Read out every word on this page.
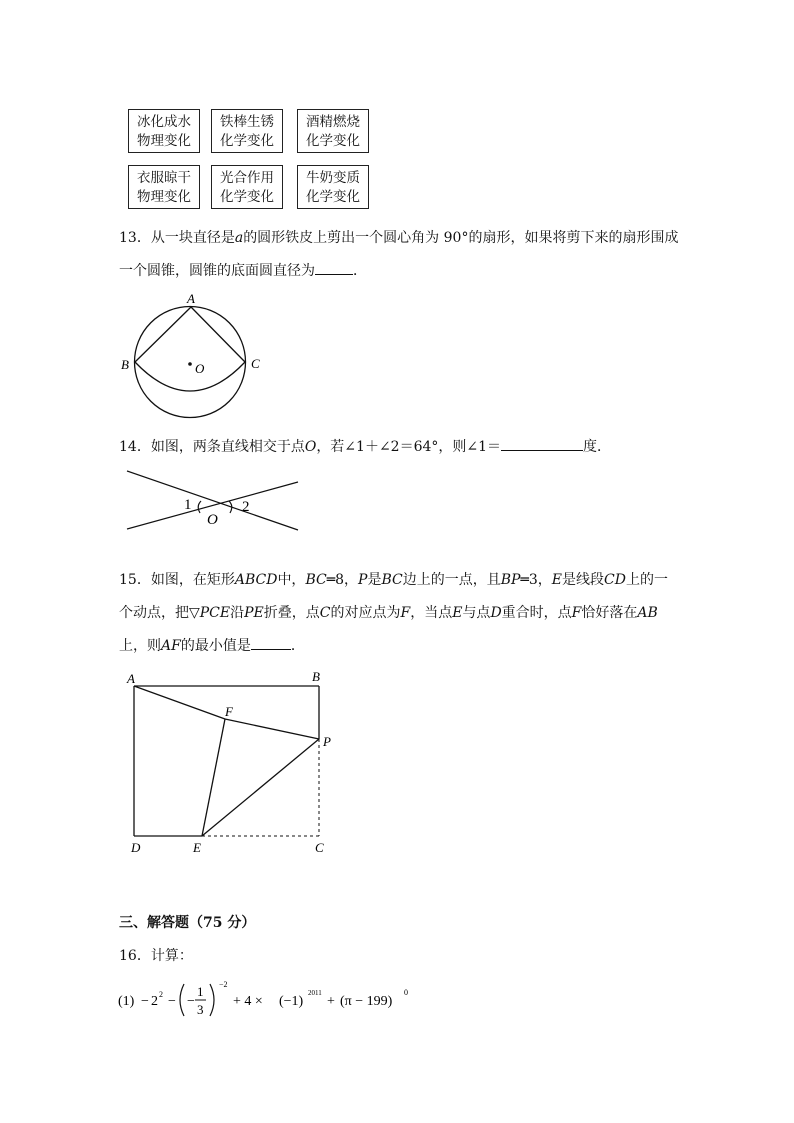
冰化成水
物理变化
铁棒生锈
化学变化
酒精燃烧
化学变化
衣服晾干
物理变化
光合作用
化学变化
牛奶变质
化学变化
13．从一块直径是a的圆形铁皮上剪出一个圆心角为 90°的扇形，如果将剪下来的扇形围成
一个圆锥，圆锥的底面圆直径为	．
A
B	C
O
14．如图，两条直线相交于点O，若∠1＋∠2＝64°，则∠1＝	度．
1	2
O
15．如图，在矩形ABCD中，BC═8，P是BC边上的一点，且BP═3，E是线段CD上的一
个动点，把▽PCE沿PE折叠，点C的对应点为F，当点E与点D重合时，点F恰好落在AB
上，则AF的最小值是	．
A	B
F
P
D	E	C
三、解答题（75 分）
16．计算：
(1) − 2 2 − −
1
3
−2
+ 4 × (−1)
2011
+ (π − 199)
0
